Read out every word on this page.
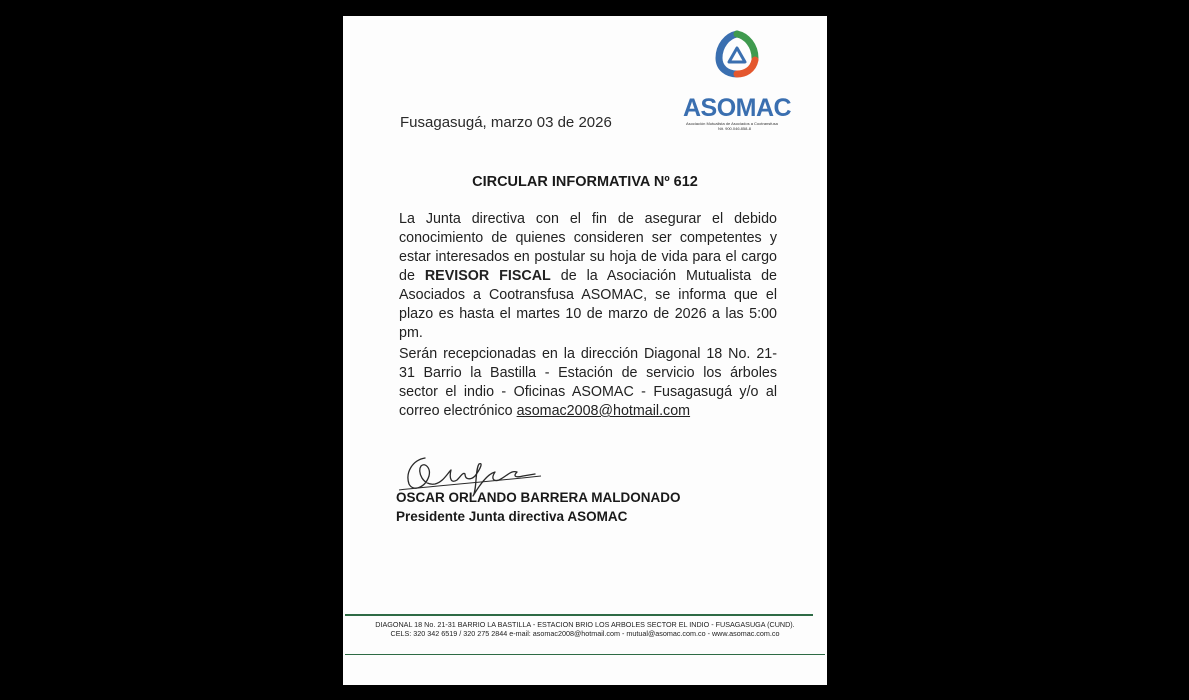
ASOMAC
Asociación Mutualista de Asociados a Cootransfusa
Nit. 900.046.858-8
Fusagasugá, marzo 03 de 2026
CIRCULAR INFORMATIVA Nº 612

La Junta directiva con el fin de asegurar el debido conocimiento de quienes consideren ser competentes y estar interesados en postular su hoja de vida para el cargo de REVISOR FISCAL de la Asociación Mutualista de Asociados a Cootransfusa ASOMAC, se informa que el plazo es hasta el martes 10 de marzo de 2026 a las 5:00 pm.

Serán recepcionadas en la dirección Diagonal 18 No. 21-31 Barrio la Bastilla - Estación de servicio los árboles sector el indio - Oficinas ASOMAC - Fusagasugá y/o al correo electrónico asomac2008@hotmail.com

OSCAR ORLANDO BARRERA MALDONADO
Presidente Junta directiva ASOMAC
DIAGONAL 18 No. 21-31 BARRIO LA BASTILLA - ESTACION BRIO LOS ARBOLES SECTOR EL INDIO - FUSAGASUGA (CUND).
CELS: 320 342 6519 / 320 275 2844 e-mail: asomac2008@hotmail.com - mutual@asomac.com.co - www.asomac.com.co
